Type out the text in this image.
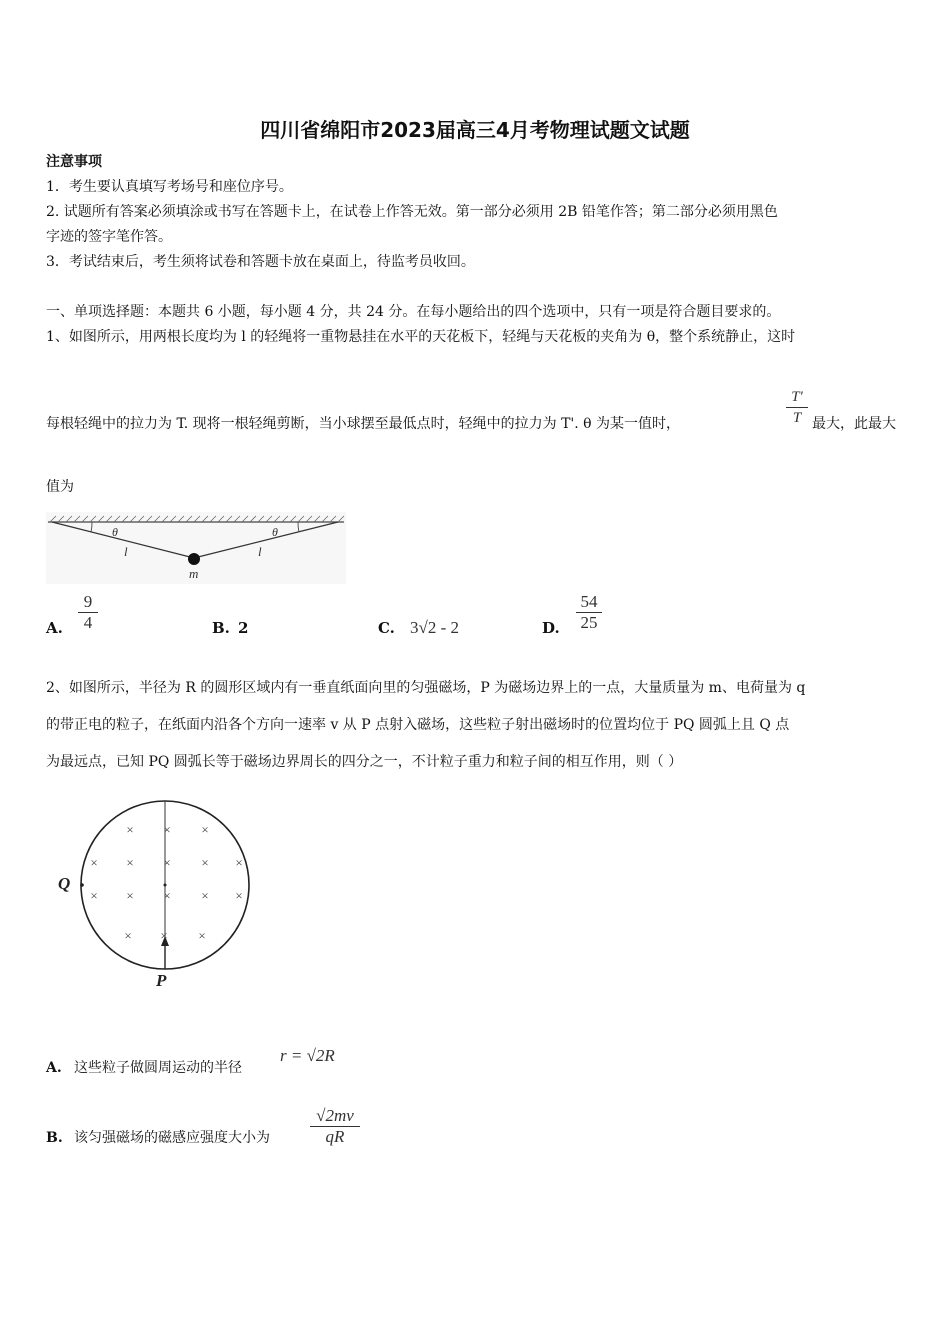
四川省绵阳市2023届高三4月考物理试题文试题
注意事项
1．考生要认真填写考场号和座位序号。
2. 试题所有答案必须填涂或书写在答题卡上，在试卷上作答无效。第一部分必须用 2B 铅笔作答；第二部分必须用黑色
字迹的签字笔作答。
3．考试结束后，考生须将试卷和答题卡放在桌面上，待监考员收回。
一、单项选择题：本题共 6 小题，每小题 4 分，共 24 分。在每小题给出的四个选项中，只有一项是符合题目要求的。
1、如图所示，用两根长度均为 l 的轻绳将一重物悬挂在水平的天花板下，轻绳与天花板的夹角为 θ，整个系统静止，这时
每根轻绳中的拉力为 T. 现将一根轻绳剪断，当小球摆至最低点时，轻绳中的拉力为 T'. θ 为某一值时，	$\frac{T'}{T}$ 最大，此最大
值为
θ	θ
l	l
m
A. $\frac{9}{4}$	B. 2	C. 3√2 - 2	D. $\frac{54}{25}$
2、如图所示，半径为 R 的圆形区域内有一垂直纸面向里的匀强磁场，P 为磁场边界上的一点，大量质量为 m、电荷量为 q
的带正电的粒子，在纸面内沿各个方向一速率 v 从 P 点射入磁场，这些粒子射出磁场时的位置均位于 PQ 圆弧上且 Q 点
为最远点，已知 PQ 圆弧长等于磁场边界周长的四分之一，不计粒子重力和粒子间的相互作用，则（ ）
× × ×
× × × × ×
× × × × ×
× × ×
Q
P
A. 这些粒子做圆周运动的半径
r = √2R
B. 该匀强磁场的磁感应强度大小为 $\frac{√2mv}{qR}$
